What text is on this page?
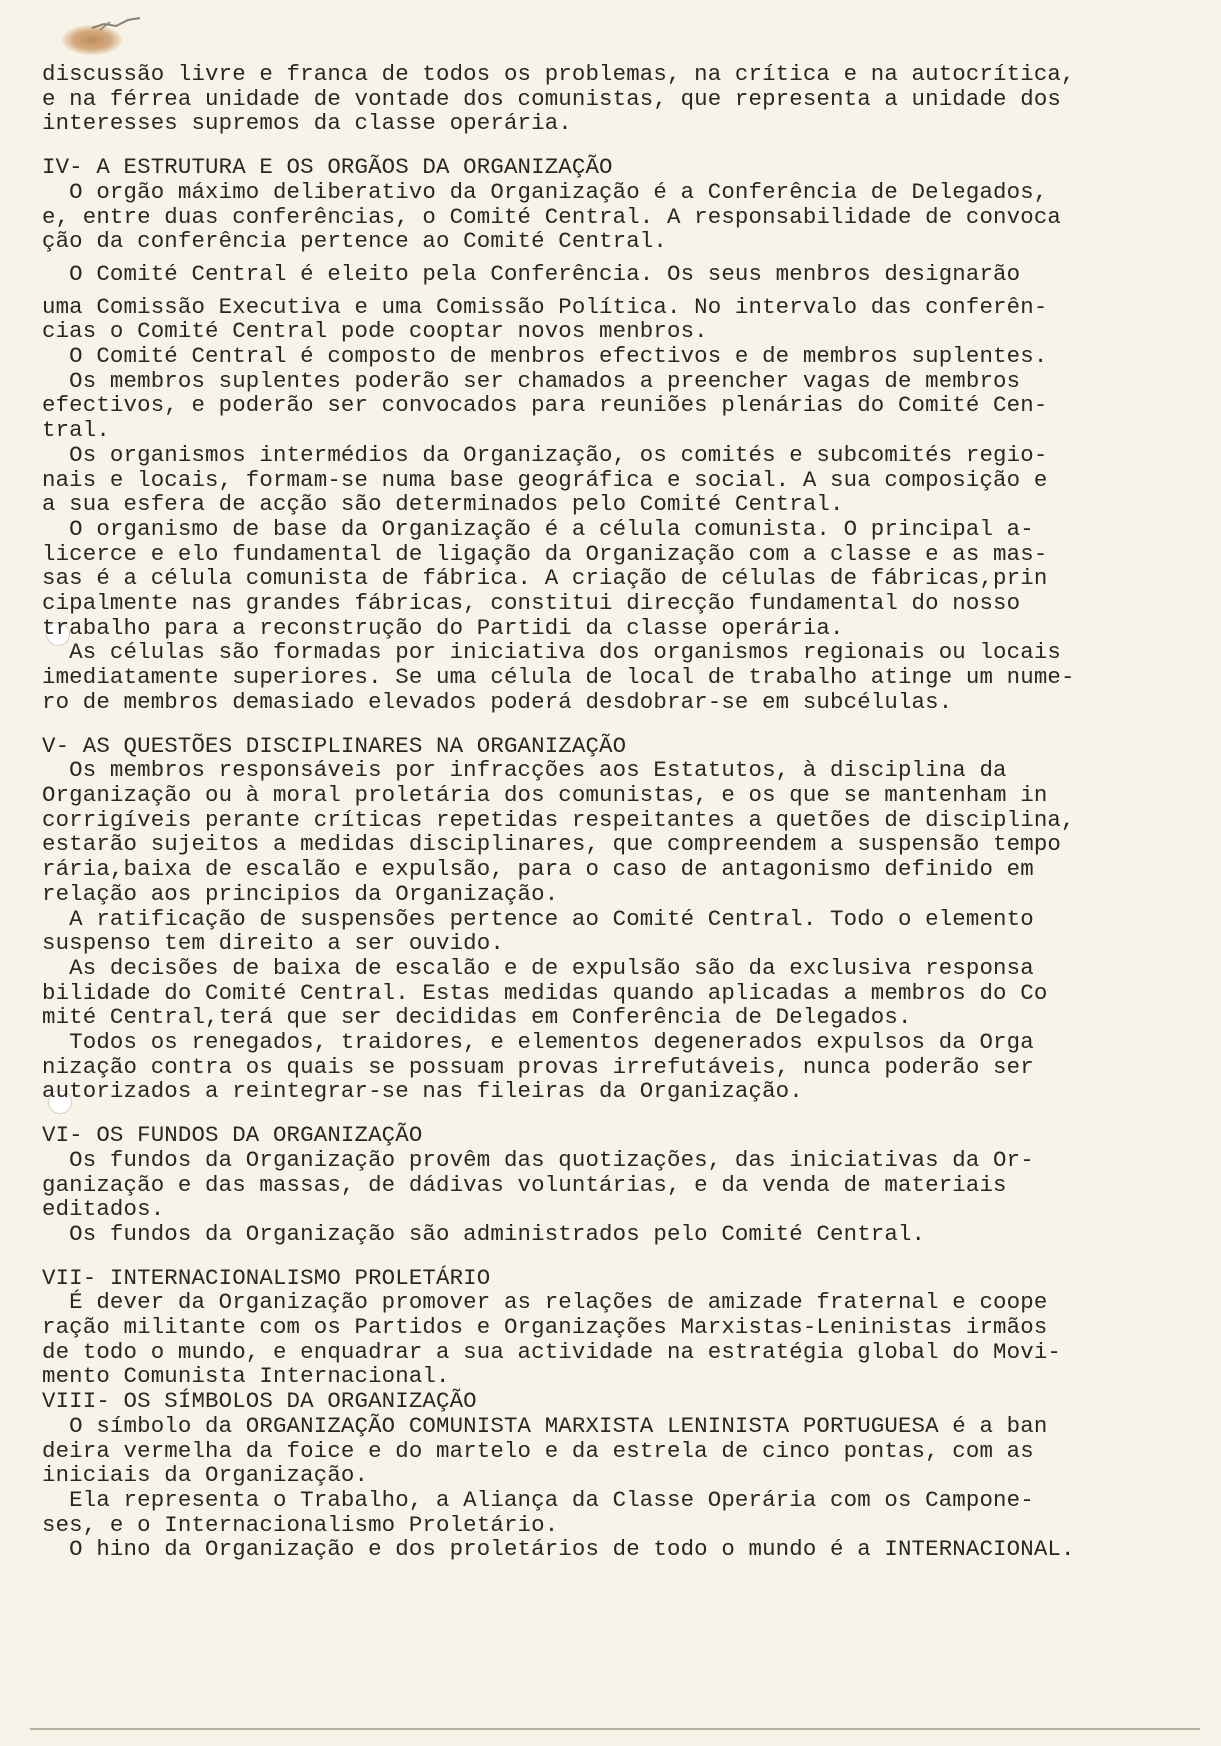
discussão livre e franca de todos os problemas, na crítica e na autocrítica,
e na férrea unidade de vontade dos comunistas, que representa a unidade dos
interesses supremos da classe operária.
IV- A ESTRUTURA E OS ORGÃOS DA ORGANIZAÇÃO
O orgão máximo deliberativo da Organização é a Conferência de Delegados,
e, entre duas conferências, o Comité Central. A responsabilidade de convoca
ção da conferência pertence ao Comité Central.
O Comité Central é eleito pela Conferência. Os seus menbros designarão
uma Comissão Executiva e uma Comissão Política. No intervalo das conferên-
cias o Comité Central pode cooptar novos menbros.
O Comité Central é composto de menbros efectivos e de membros suplentes.
Os membros suplentes poderão ser chamados a preencher vagas de membros
efectivos, e poderão ser convocados para reuniões plenárias do Comité Cen-
tral.
Os organismos intermédios da Organização, os comités e subcomités regio-
nais e locais, formam-se numa base geográfica e social. A sua composição e
a sua esfera de acção são determinados pelo Comité Central.
O organismo de base da Organização é a célula comunista. O principal a-
licerce e elo fundamental de ligação da Organização com a classe e as mas-
sas é a célula comunista de fábrica. A criação de células de fábricas,prin
cipalmente nas grandes fábricas, constitui direcção fundamental do nosso
trabalho para a reconstrução do Partidi da classe operária.
As células são formadas por iniciativa dos organismos regionais ou locais
imediatamente superiores. Se uma célula de local de trabalho atinge um nume-
ro de membros demasiado elevados poderá desdobrar-se em subcélulas.
V- AS QUESTÕES DISCIPLINARES NA ORGANIZAÇÃO
Os membros responsáveis por infracções aos Estatutos, à disciplina da
Organização ou à moral proletária dos comunistas, e os que se mantenham in
corrigíveis perante críticas repetidas respeitantes a quetões de disciplina,
estarão sujeitos a medidas disciplinares, que compreendem a suspensão tempo
rária,baixa de escalão e expulsão, para o caso de antagonismo definido em
relação aos principios da Organização.
A ratificação de suspensões pertence ao Comité Central. Todo o elemento
suspenso tem direito a ser ouvido.
As decisões de baixa de escalão e de expulsão são da exclusiva responsa
bilidade do Comité Central. Estas medidas quando aplicadas a membros do Co
mité Central,terá que ser decididas em Conferência de Delegados.
Todos os renegados, traidores, e elementos degenerados expulsos da Orga
nização contra os quais se possuam provas irrefutáveis, nunca poderão ser
autorizados a reintegrar-se nas fileiras da Organização.
VI- OS FUNDOS DA ORGANIZAÇÃO
Os fundos da Organização provêm das quotizações, das iniciativas da Or-
ganização e das massas, de dádivas voluntárias, e da venda de materiais
editados.
Os fundos da Organização são administrados pelo Comité Central.
VII- INTERNACIONALISMO PROLETÁRIO
É dever da Organização promover as relações de amizade fraternal e coope
ração militante com os Partidos e Organizações Marxistas-Leninistas irmãos
de todo o mundo, e enquadrar a sua actividade na estratégia global do Movi-
mento Comunista Internacional.
VIII- OS SÍMBOLOS DA ORGANIZAÇÃO
O símbolo da ORGANIZAÇÃO COMUNISTA MARXISTA LENINISTA PORTUGUESA é a ban
deira vermelha da foice e do martelo e da estrela de cinco pontas, com as
iniciais da Organização.
Ela representa o Trabalho, a Aliança da Classe Operária com os Campone-
ses, e o Internacionalismo Proletário.
O hino da Organização e dos proletários de todo o mundo é a INTERNACIONAL.
